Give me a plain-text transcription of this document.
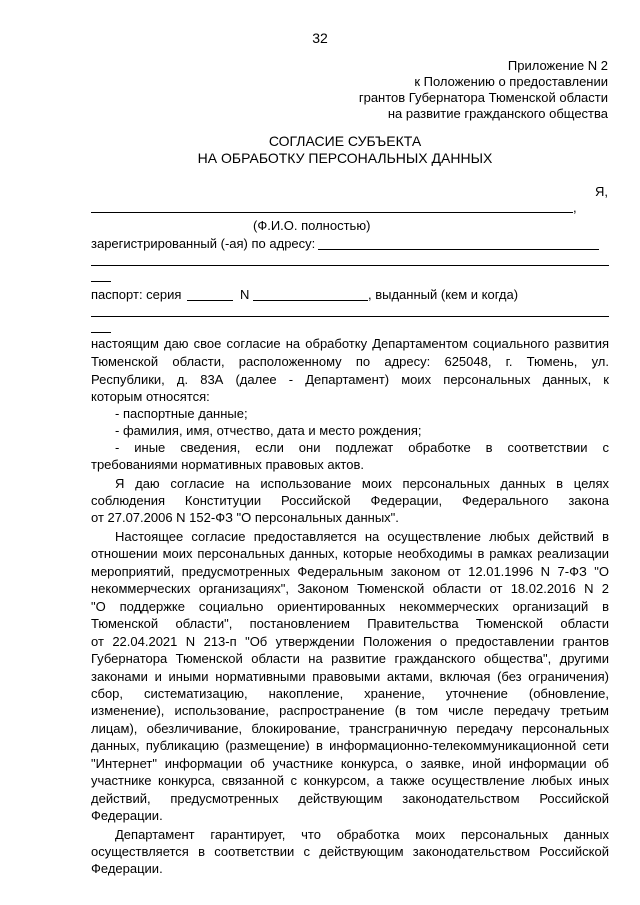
32
Приложение N 2
к Положению о предоставлении
грантов Губернатора Тюменской области
на развитие гражданского общества
СОГЛАСИЕ СУБЪЕКТА
НА ОБРАБОТКУ ПЕРСОНАЛЬНЫХ ДАННЫХ
Я,
,
(Ф.И.О. полностью)
зарегистрированный (-ая) по адресу:
паспорт: серия	N	, выданный (кем и когда)
настоящим даю свое согласие на обработку Департаментом социального развития
Тюменской области, расположенному по адресу: 625048, г. Тюмень, ул.
Республики, д. 83А (далее - Департамент) моих персональных данных, к
которым относятся:
- паспортные данные;
- фамилия, имя, отчество, дата и место рождения;
- иные сведения, если они подлежат обработке в соответствии с
требованиями нормативных правовых актов.
Я даю согласие на использование моих персональных данных в целях
соблюдения Конституции Российской Федерации, Федерального закона
от 27.07.2006 N 152-ФЗ "О персональных данных".
Настоящее согласие предоставляется на осуществление любых действий в
отношении моих персональных данных, которые необходимы в рамках реализации
мероприятий, предусмотренных Федеральным законом от 12.01.1996 N 7-ФЗ "О
некоммерческих организациях", Законом Тюменской области от 18.02.2016 N 2
"О поддержке социально ориентированных некоммерческих организаций в
Тюменской области", постановлением Правительства Тюменской области
от 22.04.2021 N 213-п "Об утверждении Положения о предоставлении грантов
Губернатора Тюменской области на развитие гражданского общества", другими
законами и иными нормативными правовыми актами, включая (без ограничения)
сбор, систематизацию, накопление, хранение, уточнение (обновление,
изменение), использование, распространение (в том числе передачу третьим
лицам), обезличивание, блокирование, трансграничную передачу персональных
данных, публикацию (размещение) в информационно-телекоммуникационной сети
"Интернет" информации об участнике конкурса, о заявке, иной информации об
участнике конкурса, связанной с конкурсом, а также осуществление любых иных
действий, предусмотренных действующим законодательством Российской
Федерации.
Департамент гарантирует, что обработка моих персональных данных
осуществляется в соответствии с действующим законодательством Российской
Федерации.
